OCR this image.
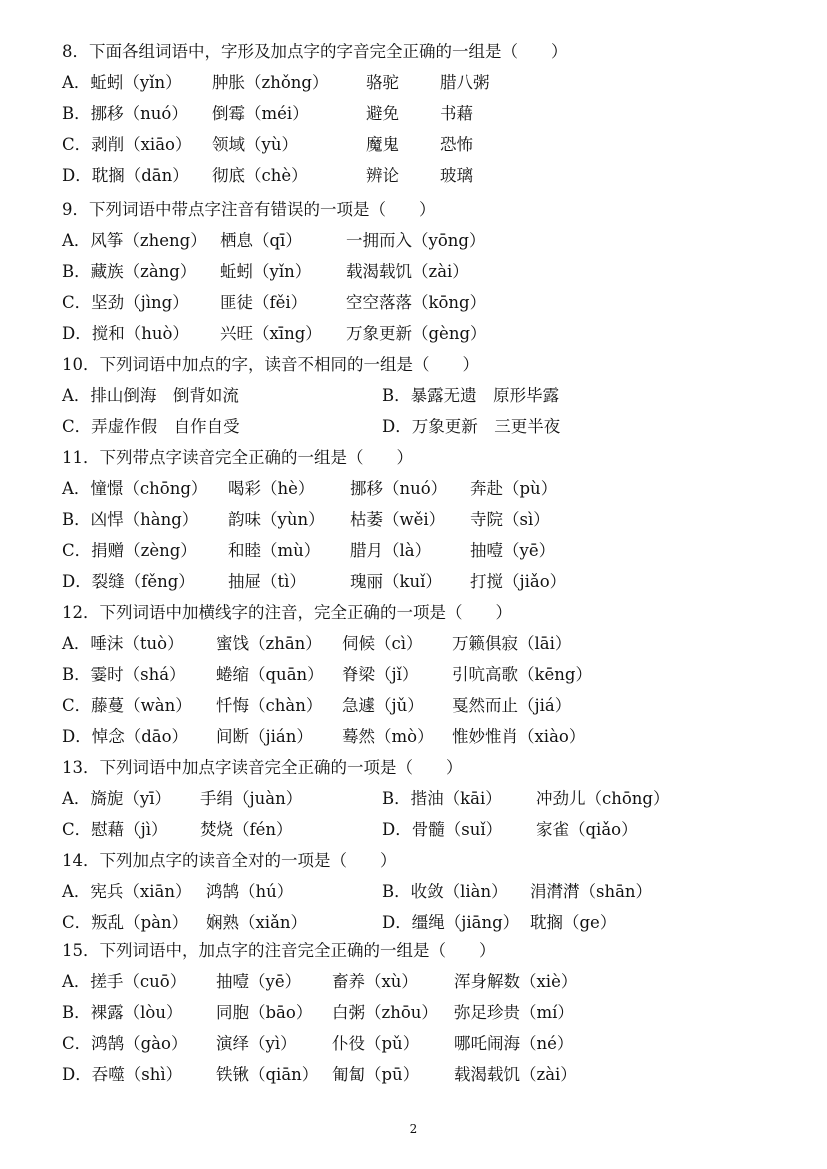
8．下面各组词语中，字形及加点字的字音完全正确的一组是（　　）
A．蚯蚓（yǐn） 肿胀（zhǒng） 骆驼 腊八粥
B．挪移（nuó） 倒霉（méi）	避免 书藉
C．剥削（xiāo） 领域（yù）	魔鬼 恐怖
D．耽搁（dān） 彻底（chè）	辨论 玻璃
9．下列词语中带点字注音有错误的一项是（　　）
A．风筝（zheng） 栖息（qī）	一拥而入（yōng）
B．藏族（zàng） 蚯蚓（yǐn） 载渴载饥（zài）
C．坚劲（jìng） 匪徒（fěi） 空空落落（kōng）
D．搅和（huò） 兴旺（xīng） 万象更新（gèng）
10．下列词语中加点的字，读音不相同的一组是（　　）
A．排山倒海　倒背如流	B．暴露无遗　原形毕露
C．弄虚作假　自作自受	D．万象更新　三更半夜
11．下列带点字读音完全正确的一组是（　　）
A．憧憬（chōng） 喝彩（hè） 挪移（nuó） 奔赴（pù）
B．凶悍（hàng） 韵味（yùn） 枯萎（wěi） 寺院（sì）
C．捐赠（zèng） 和睦（mù） 腊月（là） 抽噎（yē）
D．裂缝（fěng） 抽屉（tì）	瑰丽（kuǐ） 打搅（jiǎo）
12．下列词语中加横线字的注音，完全正确的一项是（　　）
A．唾沫（tuò） 蜜饯（zhān） 伺候（cì） 万籁俱寂（lāi）
B．霎时（shá） 蜷缩（quān） 脊梁（jǐ） 引吭高歌（kēng）
C．藤蔓（wàn） 忏悔（chàn） 急遽（jǔ） 戛然而止（jiá）
D．悼念（dāo） 间断（jián） 蓦然（mò） 惟妙惟肖（xiào）
13．下列词语中加点字读音完全正确的一项是（　　）
A．旖旎（yī） 手绢（juàn）	B．揩油（kāi） 冲劲儿（chōng）
C．慰藉（jì） 焚烧（fén）	D．骨髓（suǐ） 家雀（qiǎo）
14．下列加点字的读音全对的一项是（　　）
A．宪兵（xiān） 鸿鹄（hú）	B．收敛（liàn） 涓潸潸（shān）
C．叛乱（pàn） 娴熟（xiǎn）	D．缰绳（jiāng） 耽搁（ge）
15．下列词语中，加点字的注音完全正确的一组是（　　）
A．搓手（cuō） 抽噎（yē） 畜养（xù） 浑身解数（xiè）
B．裸露（lòu） 同胞（bāo） 白粥（zhōu） 弥足珍贵（mí）
C．鸿鹄（gào） 演绎（yì） 仆役（pǔ） 哪吒闹海（né）
D．吞噬（shì） 铁锹（qiān） 匍匐（pū） 载渴载饥（zài）
2
